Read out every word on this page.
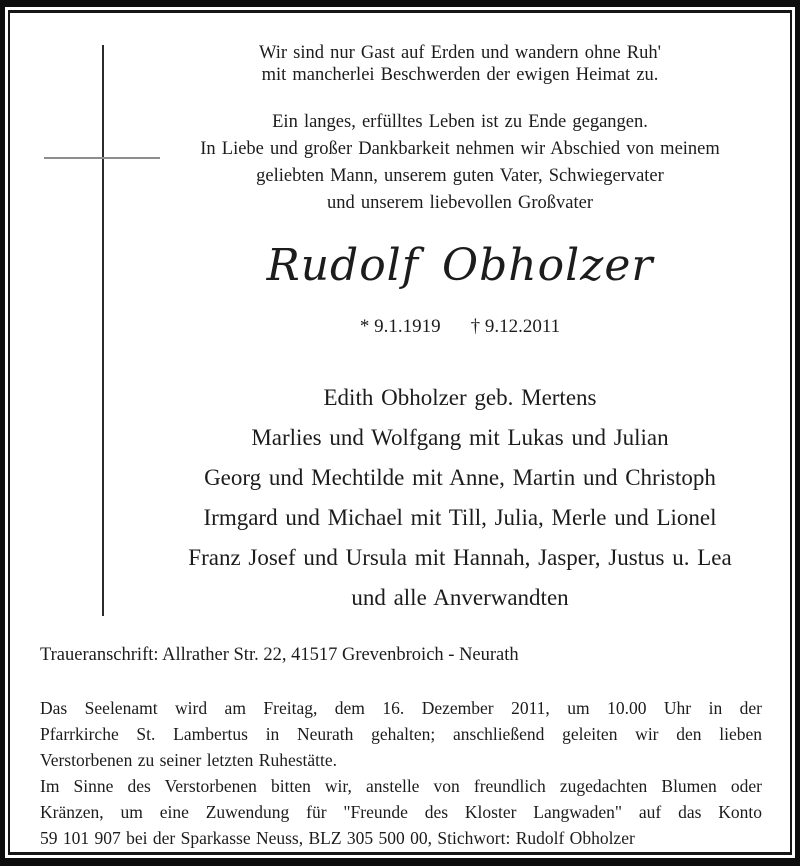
Wir sind nur Gast auf Erden und wandern ohne Ruh'
mit mancherlei Beschwerden der ewigen Heimat zu.
Ein langes, erfülltes Leben ist zu Ende gegangen.
In Liebe und großer Dankbarkeit nehmen wir Abschied von meinem
geliebten Mann, unserem guten Vater, Schwiegervater
und unserem liebevollen Großvater
Rudolf Obholzer
* 9.1.1919 † 9.12.2011
Edith Obholzer geb. Mertens
Marlies und Wolfgang mit Lukas und Julian
Georg und Mechtilde mit Anne, Martin und Christoph
Irmgard und Michael mit Till, Julia, Merle und Lionel
Franz Josef und Ursula mit Hannah, Jasper, Justus u. Lea
und alle Anverwandten
Traueranschrift: Allrather Str. 22, 41517 Grevenbroich - Neurath
Das Seelenamt wird am Freitag, dem 16. Dezember 2011, um 10.00 Uhr in der
Pfarrkirche St. Lambertus in Neurath gehalten; anschließend geleiten wir den lieben
Verstorbenen zu seiner letzten Ruhestätte.
Im Sinne des Verstorbenen bitten wir, anstelle von freundlich zugedachten Blumen oder
Kränzen, um eine Zuwendung für "Freunde des Kloster Langwaden" auf das Konto
59 101 907 bei der Sparkasse Neuss, BLZ 305 500 00, Stichwort: Rudolf Obholzer
